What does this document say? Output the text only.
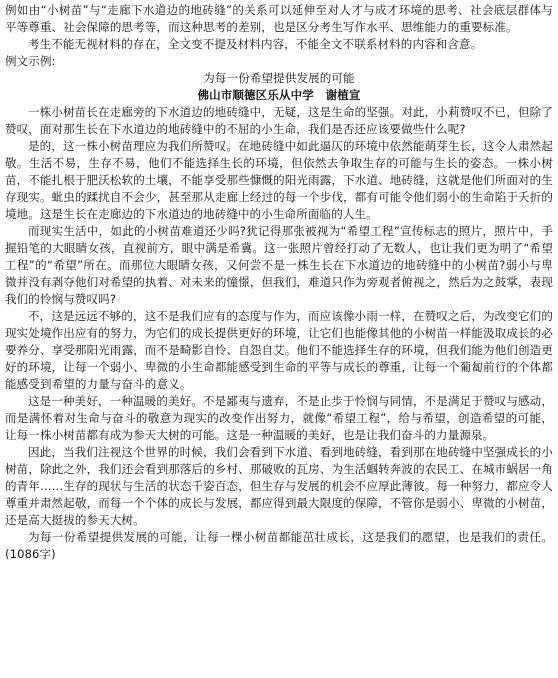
例如由“小树苗”与“走廊下水道边的地砖缝”的关系可以延伸至对人才与成才环境的思考、社会底层群体与平等尊重、社会保障的思考等，而这种思考的差别，也是区分考生写作水平、思维能力的重要标准。

考生不能无视材料的存在，全文变不提及材料内容，不能全文不联系材料的内容和含意。

例文示例:

为每一份希望提供发展的可能

佛山市顺德区乐从中学　谢植宣

一株小树苗长在走廊旁的下水道边的地砖缝中，无疑，这是生命的坚强。对此，小莉赞叹不已，但除了赞叹，面对那生长在下水道边的地砖缝中的不屈的小生命，我们是否还应该要做些什么呢?

是的，这一株小树苗理应为我们所赞叹。在地砖缝中如此逼仄的环境中依然能萌芽生长，这令人肃然起敬。生活不易，生存不易，他们不能选择生长的环境，但依然去争取生存的可能与生长的姿态。一株小树苗，不能扎根于肥沃松软的土壤，不能享受那些慷慨的阳光雨露，下水道、地砖缝，这就是他们所面对的生存现实。蚍虫的蹂扰自不会少，甚至那从走廊上经过的每一个步伐，都有可能令他们弱小的生命陷于夭折的境地。这是生长在走廊边的下水道边的地砖缝中的小生命所面临的人生。

而现实生活中，如此的小树苗难道还少吗?犹记得那张被视为“希望工程”宣传标志的照片，照片中，手握铅笔的大眼睛女孩，直视前方，眼中满是希冀。这一张照片曾经打动了无数人，也让我们更为明了“希望工程”的“希望”所在。而那位大眼睛女孩，又何尝不是一株生长在下水道边的地砖缝中的小树苗?弱小与卑微并没有剥夺他们对希望的执着、对未来的憧憬，但我们，难道只作为旁观者俯视之，然后为之鼓掌，表现我们的怜悯与赞叹吗?

不，这是远远不够的，这不是我们应有的态度与作为，而应该像小雨一样，在赞叹之后，为改变它们的现实处境作出应有的努力，为它们的成长提供更好的环境，让它们也能像其他的小树苗一样能汲取成长的必要养分、享受那阳光雨露，而不是畸影自怜、自怨自艾。他们不能选择生存的环境，但我们能为他们创造更好的环境，让每一个弱小、卑微的小生命都能感受到生命的平等与成长的尊重，让每一个葡匐前行的个体都能感受到希望的力量与奋斗的意义。

这是一种美好，一种温暖的美好。不是鄙夷与遗弃，不是止步于怜悯与同情，不是满足于赞叹与感动，而是满怀着对生命与奋斗的敬意为现实的改变作出努力，就像“希望工程”，给与希望，创造希望的可能，让每一株小树苗都有成为参天大树的可能。这是一种温暖的美好，也是让我们奋斗的力量源泉。

因此，当我们注视这个世界的时候，我们会看到下水道、看到地砖缝，看到那在地砖缝中坚强成长的小树苗，除此之外，我们还会看到那落后的乡村、那破败的瓦房、为生活蝈转奔波的农民工、在城市蜗居一角的青年……生存的现状与生活的状态千姿百态，但生存与发展的机会不应厚此薄彼。每一种努力，都应令人尊重并肃然起敬，而每一个个体的成长与发展，都应得到最大限度的保障，不管你是弱小、卑微的小树苗，还是高大挺拔的参天大树。

为每一份希望提供发展的可能，让每一棵小树苗都能茁壮成长，这是我们的愿望，也是我们的责任。(1086字)
